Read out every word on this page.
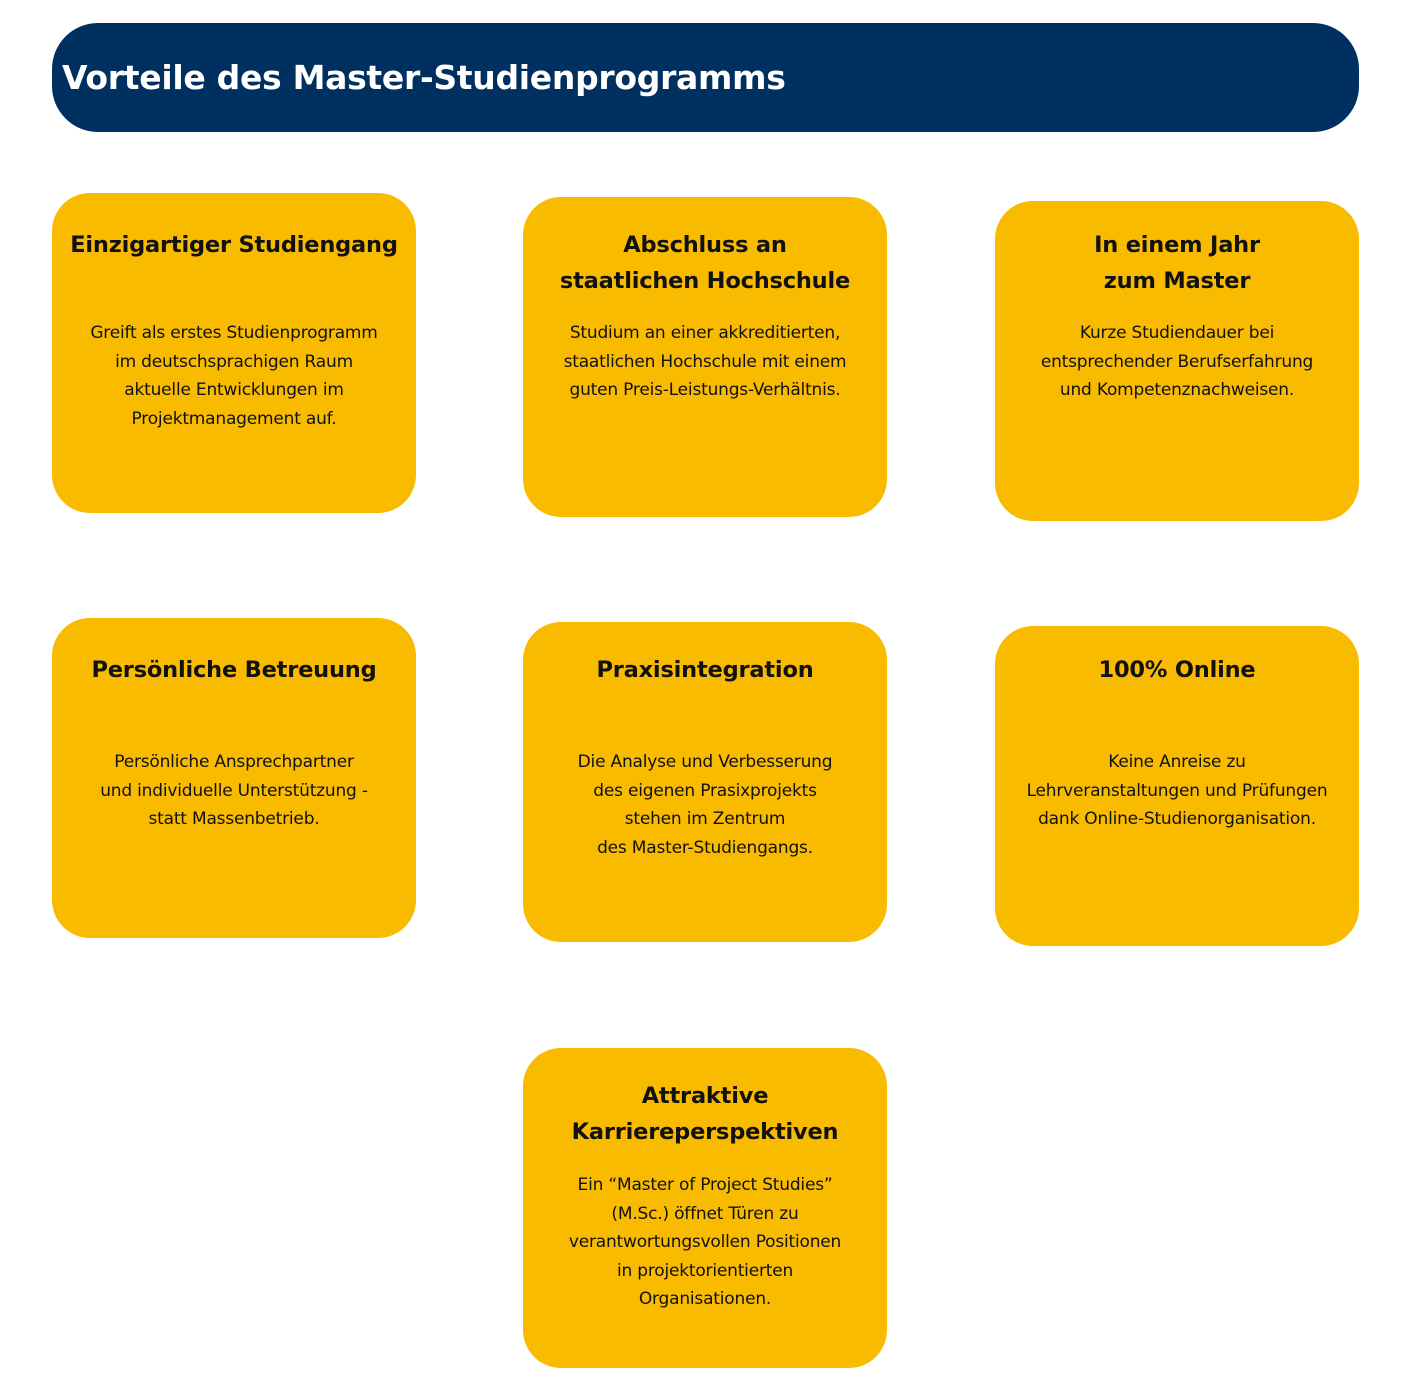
Vorteile des Master-Studienprogramms
Einzigartiger Studiengang

Greift als erstes Studienprogramm
im deutschsprachigen Raum
aktuelle Entwicklungen im
Projektmanagement auf.

Abschluss an
staatlichen Hochschule

Studium an einer akkreditierten,
staatlichen Hochschule mit einem
guten Preis-Leistungs-Verhältnis.

In einem Jahr
zum Master

Kurze Studiendauer bei
entsprechender Berufserfahrung
und Kompetenznachweisen.

Persönliche Betreuung

Persönliche Ansprechpartner
und individuelle Unterstützung -
statt Massenbetrieb.

Praxisintegration

Die Analyse und Verbesserung
des eigenen Prasixprojekts
stehen im Zentrum
des Master-Studiengangs.

100% Online

Keine Anreise zu
Lehrveranstaltungen und Prüfungen
dank Online-Studienorganisation.

Attraktive
Karriereperspektiven

Ein “Master of Project Studies”
(M.Sc.) öffnet Türen zu
verantwortungsvollen Positionen
in projektorientierten
Organisationen.
